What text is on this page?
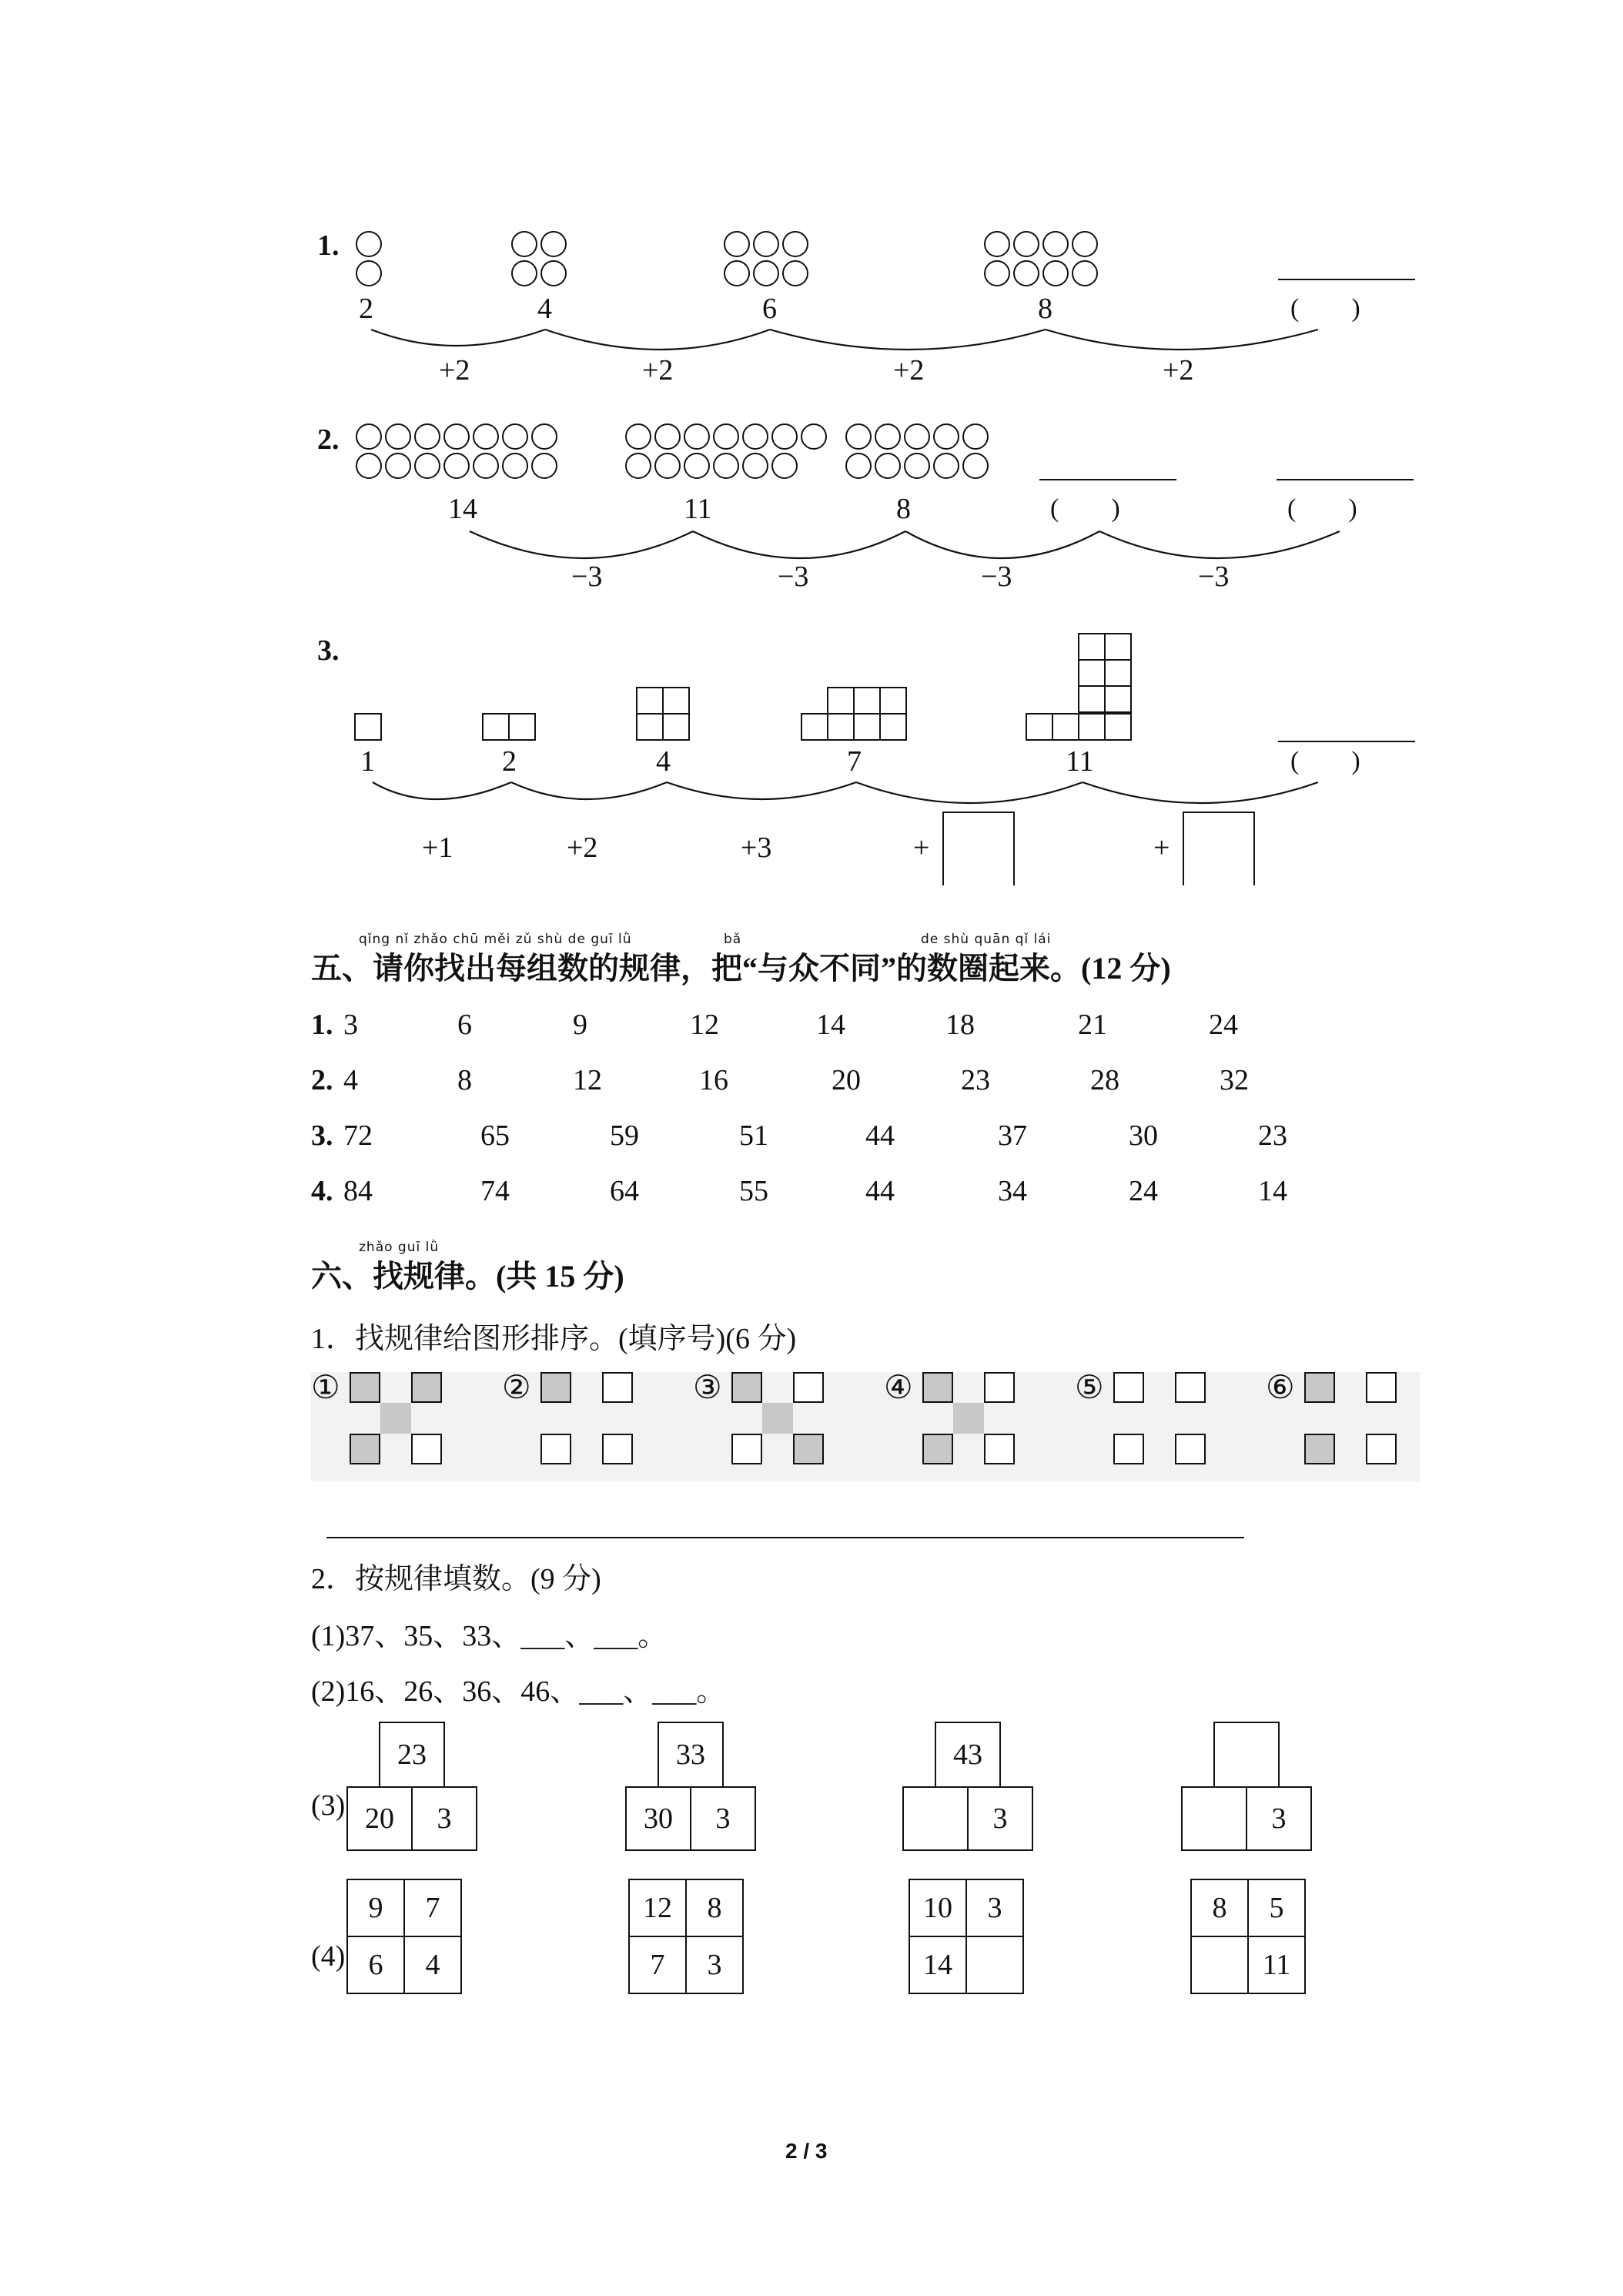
1.
2	4	6	8	(　　)
+2	+2	+2	+2
2.
14	11	8	(　　)	(　　)
−3	−3	−3	−3
3.
1	2	4	7	11	(　　)
+1	+2	+3	+	+
qǐng nǐ zhǎo chū měi zǔ shù de guī lǜ	bǎ	de shù quān qǐ lái
五、请你找出每组数的规律，把“与众不同”的数圈起来。(12 分)
1. 3	6	9	12	14	18	21	24
2. 4	8	12	16	20	23	28	32
3. 72	65	59	51	44	37	30	23
4. 84	74	64	55	44	34	24	14
zhǎo guī lǜ
六、找规律。(共 15 分)
1．找规律给图形排序。(填序号)(6 分)
①	②	③	④	⑤	⑥
2．按规律填数。(9 分)
(1)37、35、33、___、___。
(2)16、26、36、46、___、___。
(3)
23
20	3
33
30	3
43
3	3
(4)
9	7
6	4
12	8
7	3
10	3
14
8	5
11
2 / 3
